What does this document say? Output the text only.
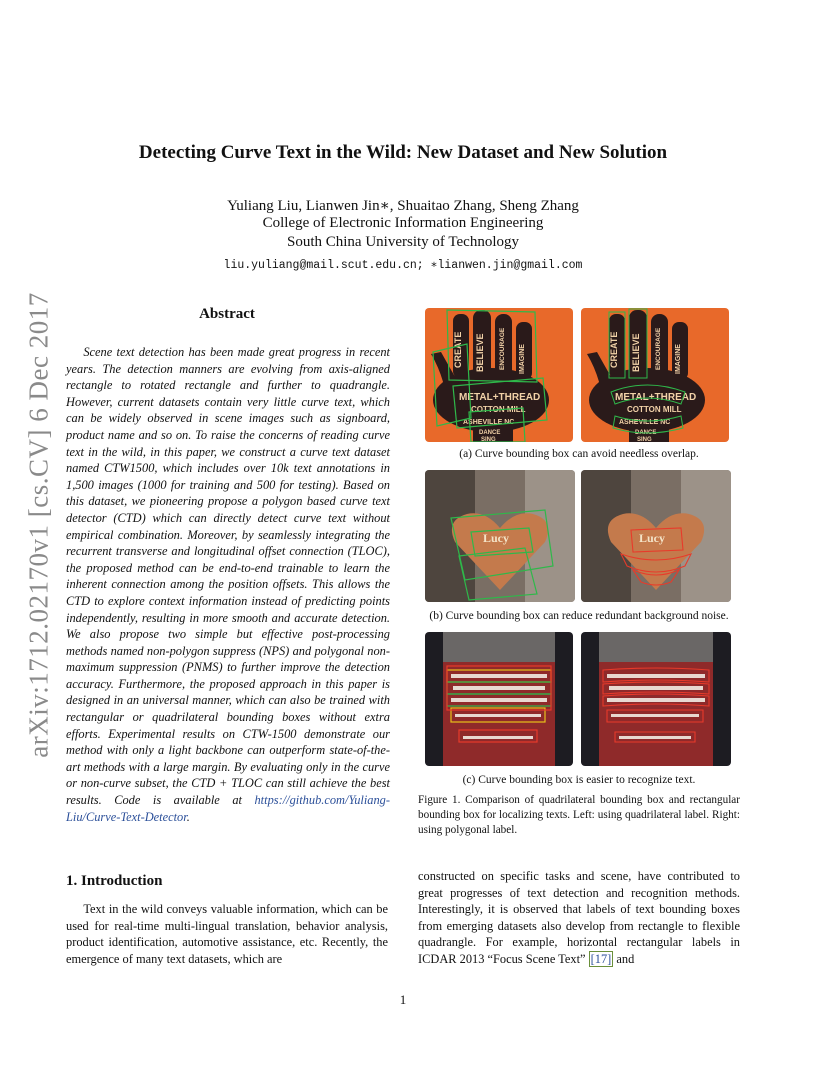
arXiv:1712.02170v1 [cs.CV] 6 Dec 2017
Detecting Curve Text in the Wild: New Dataset and New Solution
Yuliang Liu, Lianwen Jin∗, Shuaitao Zhang, Sheng Zhang
College of Electronic Information Engineering
South China University of Technology
liu.yuliang@mail.scut.edu.cn; ∗lianwen.jin@gmail.com
Abstract

Scene text detection has been made great progress in recent years. The detection manners are evolving from axis-aligned rectangle to rotated rectangle and further to quadrangle. However, current datasets contain very little curve text, which can be widely observed in scene images such as signboard, product name and so on. To raise the concerns of reading curve text in the wild, in this paper, we construct a curve text dataset named CTW1500, which includes over 10k text annotations in 1,500 images (1000 for training and 500 for testing). Based on this dataset, we pioneering propose a polygon based curve text detector (CTD) which can directly detect curve text without empirical combination. Moreover, by seamlessly integrating the recurrent transverse and longitudinal offset connection (TLOC), the proposed method can be end-to-end trainable to learn the inherent connection among the position offsets. This allows the CTD to explore context information instead of predicting points independently, resulting in more smooth and accurate detection. We also propose two simple but effective post-processing methods named non-polygon suppress (NPS) and polygonal non-maximum suppression (PNMS) to further improve the detection accuracy. Furthermore, the proposed approach in this paper is designed in an universal manner, which can also be trained with rectangular or quadrilateral bounding boxes without extra efforts. Experimental results on CTW-1500 demonstrate our method with only a light backbone can outperform state-of-the-art methods with a large margin. By evaluating only in the curve or non-curve subset, the CTD + TLOC can still achieve the best results. Code is available at https://github.com/Yuliang-Liu/Curve-Text-Detector.

CREATE BELIEVE ENCOURAGE IMAGINE
METAL+THREAD
COTTON MILL
ASHEVILLE NC
DANCE
SING
CREATE BELIEVE ENCOURAGE IMAGINE
METAL+THREAD
COTTON MILL
ASHEVILLE NC
DANCE
SING
(a) Curve bounding box can avoid needless overlap.
Lucy	Lucy
(b) Curve bounding box can reduce redundant background noise.
(c) Curve bounding box is easier to recognize text.
Figure 1. Comparison of quadrilateral bounding box and rectangular bounding box for localizing texts. Left: using quadrilateral label. Right: using polygonal label.
1. Introduction

Text in the wild conveys valuable information, which can be used for real-time multi-lingual translation, behavior analysis, product identification, automotive assistance, etc. Recently, the emergence of many text datasets, which are

constructed on specific tasks and scene, have contributed to great progresses of text detection and recognition methods. Interestingly, it is observed that labels of text bounding boxes from emerging datasets also develop from rectangle to flexible quadrangle. For example, horizontal rectangular labels in ICDAR 2013 “Focus Scene Text” [17] and

1
